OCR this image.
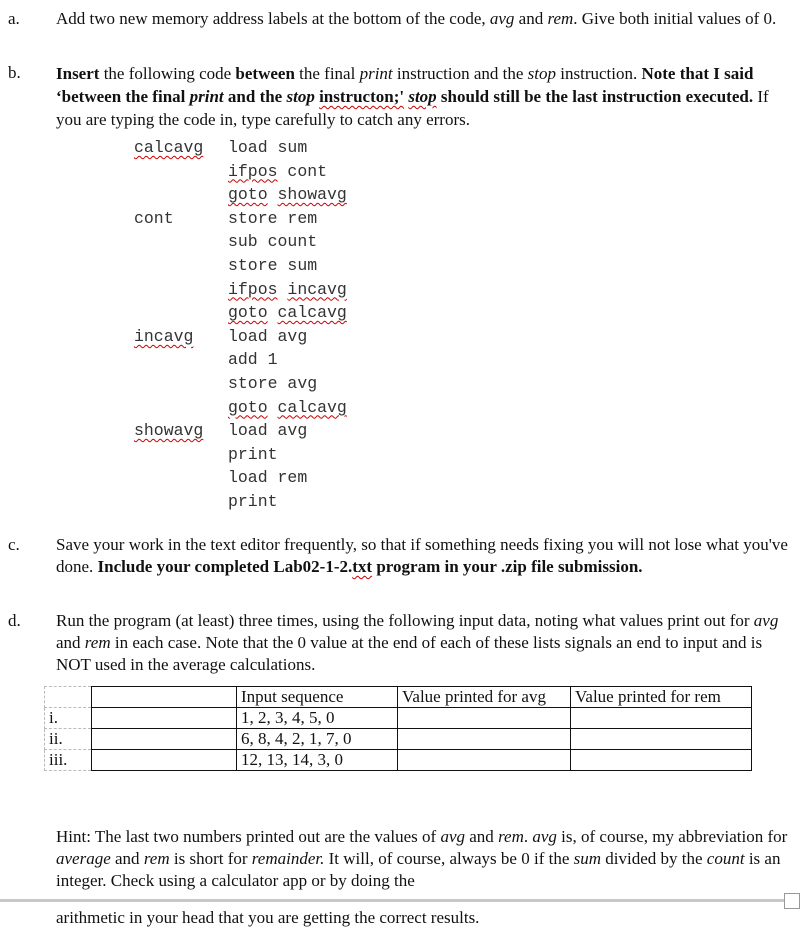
a. Add two new memory address labels at the bottom of the code, avg and rem. Give both initial values of 0.
b. Insert the following code between the final print instruction and the stop instruction. Note that I said ‘between the final print and the stop instructon;' stop should still be the last instruction executed. If you are typing the code in, type carefully to catch any errors.
calcavg load sum
ifpos cont
goto showavg
cont	store rem
sub count
store sum
ifpos incavg
goto calcavg
incavg load avg
add 1
store avg
goto calcavg
showavg load avg
print
load rem
print
c. Save your work in the text editor frequently, so that if something needs fixing you will not lose what you've done. Include your completed Lab02-1-2.txt program in your .zip file submission.
d. Run the program (at least) three times, using the following input data, noting what values print out for avg and rem in each case. Note that the 0 value at the end of each of these lists signals an end to input and is NOT used in the average calculations.
		Input sequence	Value printed for avg	Value printed for rem
i.		1, 2, 3, 4, 5, 0		
ii.		6, 8, 4, 2, 1, 7, 0		
iii.		12, 13, 14, 3, 0		
Hint: The last two numbers printed out are the values of avg and rem. avg is, of course, my abbreviation for average and rem is short for remainder. It will, of course, always be 0 if the sum divided by the count is an integer. Check using a calculator app or by doing the
arithmetic in your head that you are getting the correct results.
